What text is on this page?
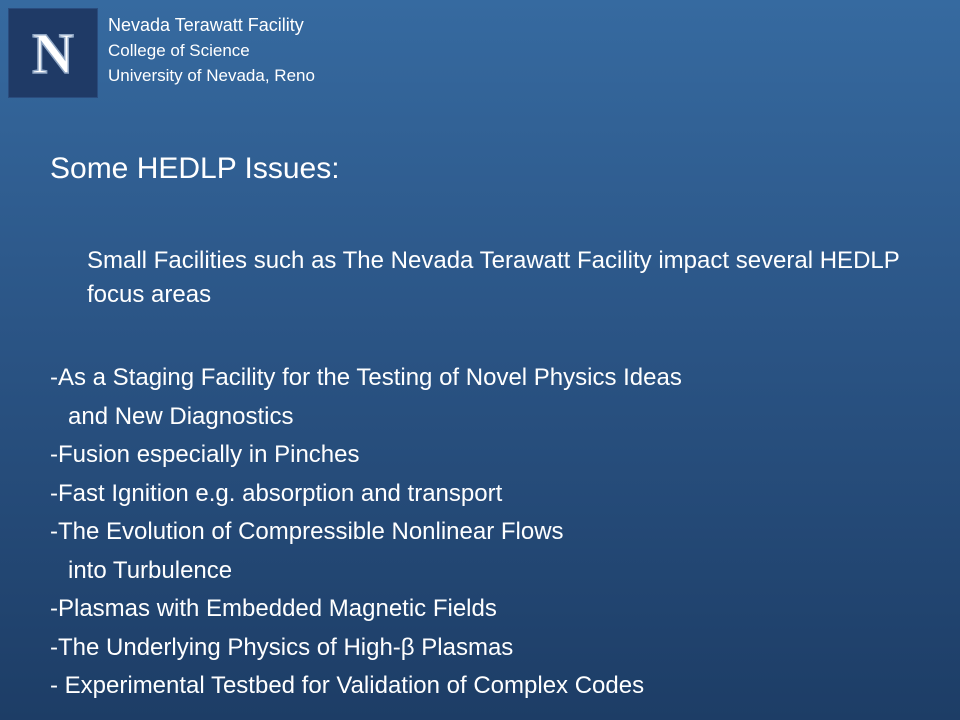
N Nevada Terawatt Facility
College of Science
University of Nevada, Reno
Some HEDLP Issues:
Small Facilities such as The Nevada Terawatt Facility impact several HEDLP focus areas
-As a Staging Facility for the Testing of Novel Physics Ideas
and New Diagnostics
-Fusion especially in Pinches
-Fast Ignition e.g. absorption and transport
-The Evolution of Compressible Nonlinear Flows
into Turbulence
-Plasmas with Embedded Magnetic Fields
-The Underlying Physics of High-β Plasmas
- Experimental Testbed for Validation of Complex Codes
